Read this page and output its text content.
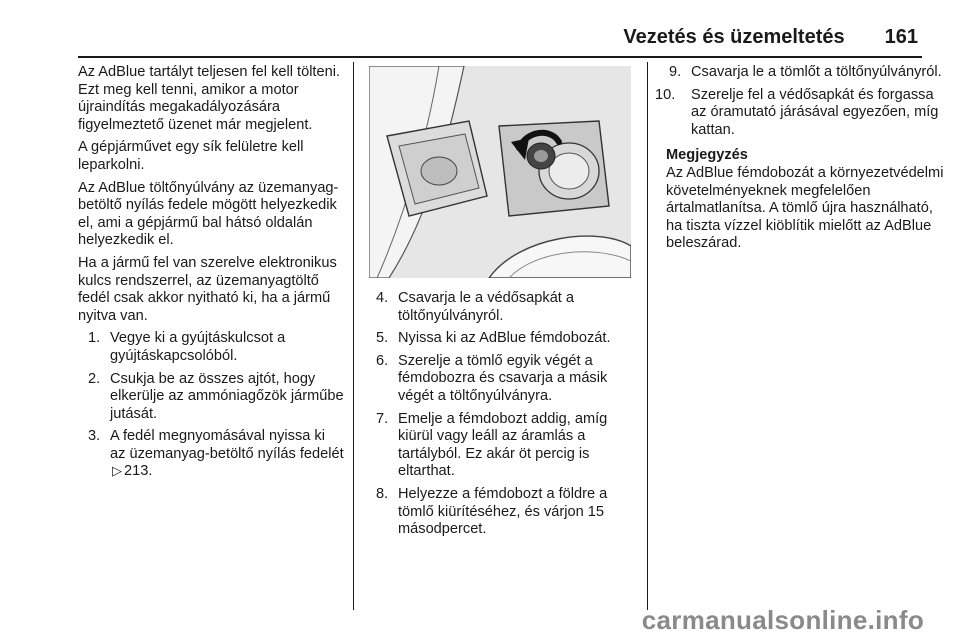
Vezetés és üzemeltetés 161

Az AdBlue tartályt teljesen fel kell tölteni. Ezt meg kell tenni, amikor a motor újraindítás megakadályozására figyelmeztető üzenet már megjelent.

A gépjárművet egy sík felületre kell leparkolni.

Az AdBlue töltőnyúlvány az üzemanyag-betöltő nyílás fedele mögött helyezkedik el, ami a gépjármű bal hátsó oldalán helyezkedik el.

Ha a jármű fel van szerelve elektronikus kulcs rendszerrel, az üzemanyagtöltő fedél csak akkor nyitható ki, ha a jármű nyitva van.

1. Vegye ki a gyújtáskulcsot a gyújtáskapcsolóból.
2. Csukja be az összes ajtót, hogy elkerülje az ammóniagőzök járműbe jutását.
3. A fedél megnyomásával nyissa ki az üzemanyag-betöltő nyílás fedelét ▷ 213.
4. Csavarja le a védősapkát a töltőnyúlványról.
5. Nyissa ki az AdBlue fémdobozát.
6. Szerelje a tömlő egyik végét a fémdobozra és csavarja a másik végét a töltőnyúlványra.
7. Emelje a fémdobozt addig, amíg kiürül vagy leáll az áramlás a tartályból. Ez akár öt percig is eltarthat.
8. Helyezze a fémdobozt a földre a tömlő kiürítéséhez, és várjon 15 másodpercet.
9. Csavarja le a tömlőt a töltőnyúlványról.
10. Szerelje fel a védősapkát és forgassa az óramutató járásával egyezően, míg kattan.
Megjegyzés
Az AdBlue fémdobozát a környezetvédelmi követelményeknek megfelelően ártalmatlanítsa. A tömlő újra használható, ha tiszta vízzel kiöblítik mielőtt az AdBlue beleszárad.
carmanualsonline.info
